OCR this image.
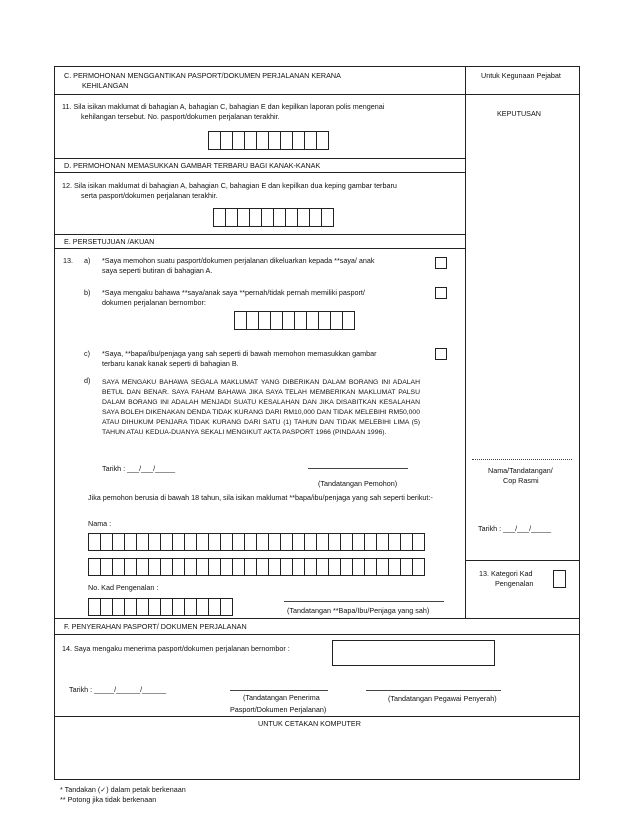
C. PERMOHONAN MENGGANTIKAN PASPORT/DOKUMEN PERJALANAN KERANA
KEHILANGAN
Untuk Kegunaan Pejabat
KEPUTUSAN
Nama/Tandatangan/
Cop Rasmi
Tarikh : ___/___/_____
13. Kategori Kad
Pengenalan
11. Sila isikan maklumat di bahagian A, bahagian C, bahagian E dan kepilkan laporan polis mengenai
kehilangan tersebut. No. pasport/dokumen perjalanan terakhir.
D. PERMOHONAN MEMASUKKAN GAMBAR TERBARU BAGI KANAK-KANAK
12. Sila isikan maklumat di bahagian A, bahagian C, bahagian E dan kepilkan dua keping gambar terbaru
serta pasport/dokumen perjalanan terakhir.
E. PERSETUJUAN /AKUAN
13. a) *Saya memohon suatu pasport/dokumen perjalanan dikeluarkan kepada **saya/ anak
saya seperti butiran di bahagian A.
b) *Saya mengaku bahawa **saya/anak saya **pernah/tidak pernah memiliki pasport/
dokumen perjalanan bernombor:
c) *Saya, **bapa/ibu/penjaga yang sah seperti di bawah memohon memasukkan gambar
terbaru kanak kanak seperti di bahagian B.
d) SAYA MENGAKU BAHAWA SEGALA MAKLUMAT YANG DIBERIKAN DALAM BORANG INI ADALAH BETUL DAN BENAR. SAYA FAHAM BAHAWA JIKA SAYA TELAH MEMBERIKAN MAKLUMAT PALSU DALAM BORANG INI ADALAH MENJADI SUATU KESALAHAN DAN JIKA DISABITKAN KESALAHAN SAYA BOLEH DIKENAKAN DENDA TIDAK KURANG DARI RM10,000 DAN TIDAK MELEBIHI RM50,000 ATAU DIHUKUM PENJARA TIDAK KURANG DARI SATU (1) TAHUN DAN TIDAK MELEBIHI LIMA (5) TAHUN ATAU KEDUA-DUANYA SEKALI MENGIKUT AKTA PASPORT 1966 (PINDAAN 1996).
Tarikh : ___/___/_____
(Tandatangan Pemohon)
Jika pemohon berusia di bawah 18 tahun, sila isikan maklumat **bapa/ibu/penjaga yang sah seperti berikut:-
Nama :
No. Kad Pengenalan :
(Tandatangan **Bapa/Ibu/Penjaga yang sah)
F. PENYERAHAN PASPORT/ DOKUMEN PERJALANAN
14. Saya mengaku menerima pasport/dokumen perjalanan bernombor :
Tarikh : _____/______/______
(Tandatangan Penerima
Pasport/Dokumen Perjalanan)
(Tandatangan Pegawai Penyerah)
UNTUK CETAKAN KOMPUTER
* Tandakan (✓) dalam petak berkenaan
** Potong jika tidak berkenaan
